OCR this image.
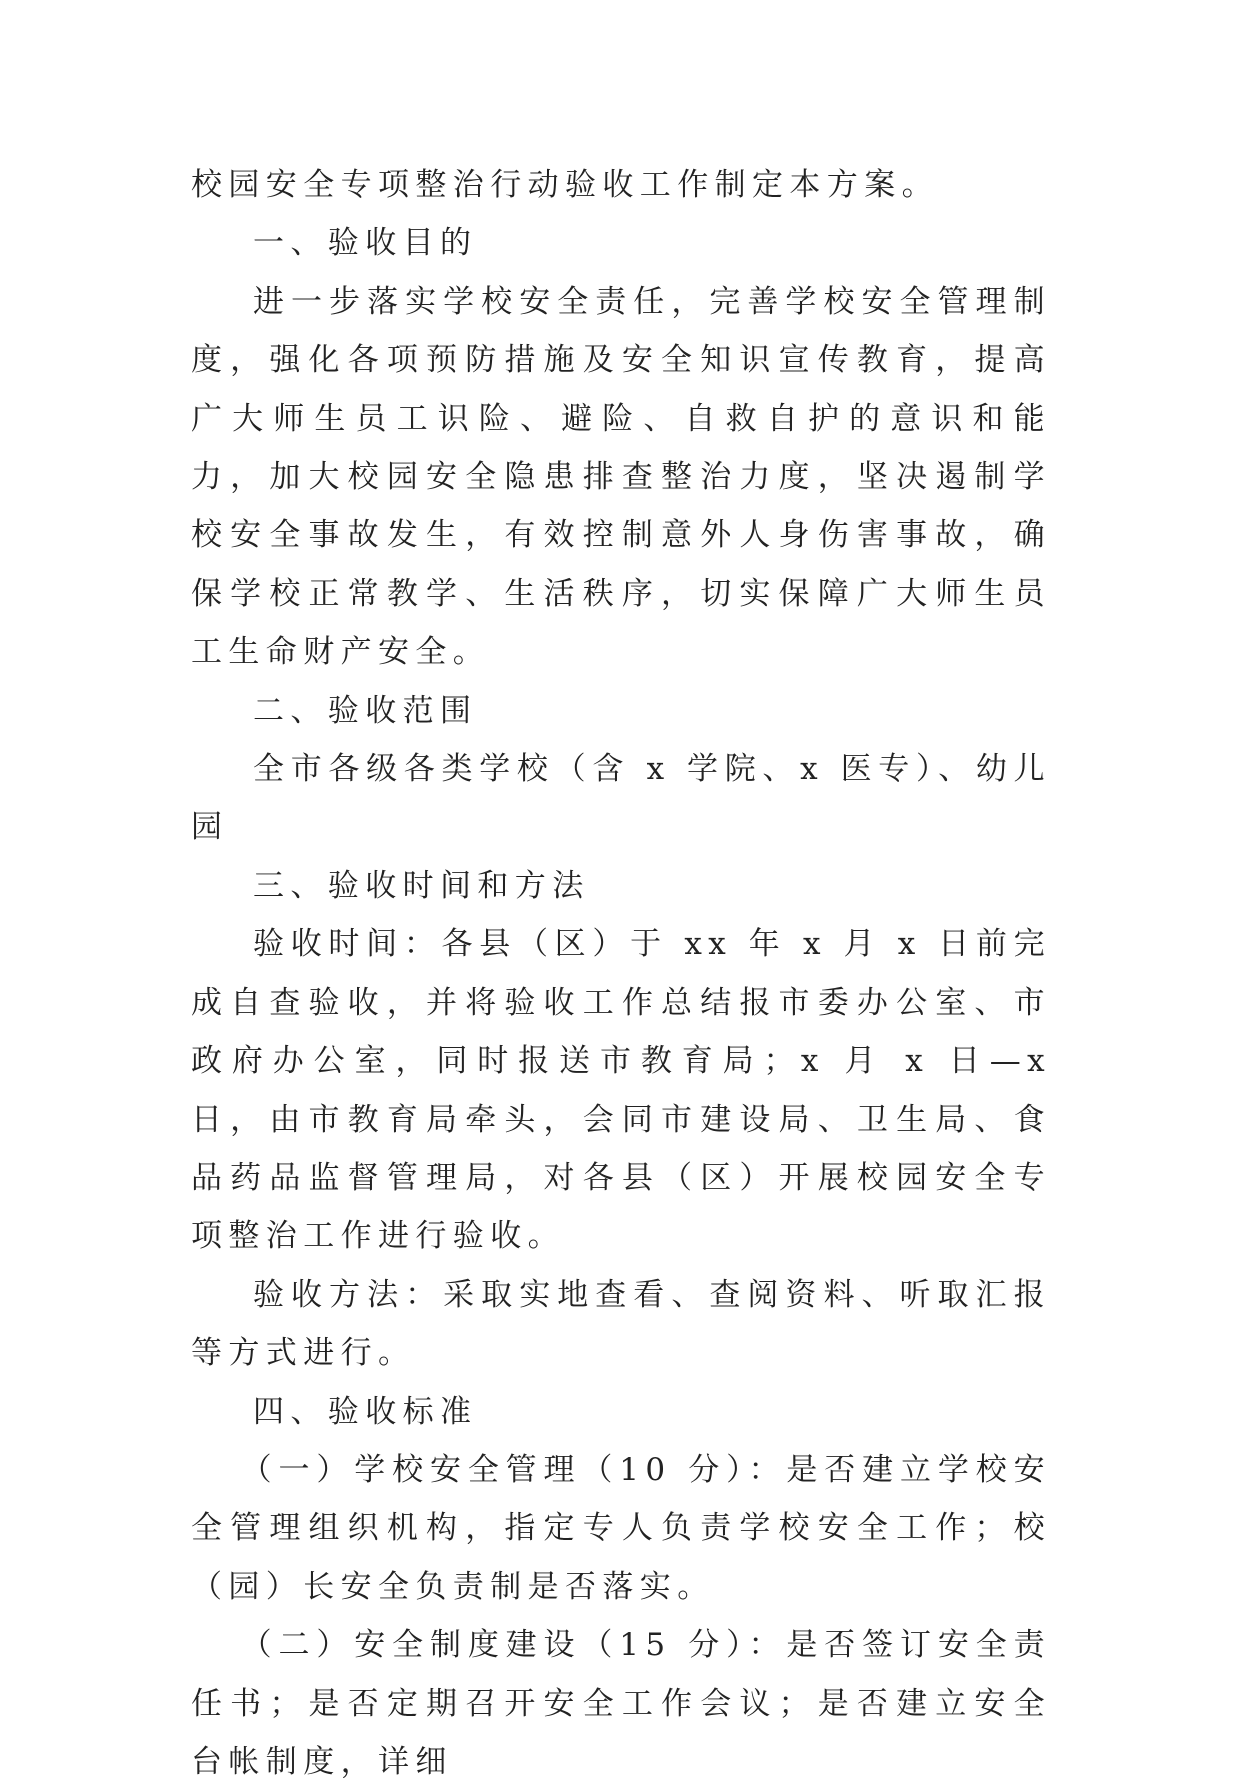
校园安全专项整治行动验收工作制定本方案。

一、验收目的

进一步落实学校安全责任，完善学校安全管理制度，强化各项预防措施及安全知识宣传教育，提高广大师生员工识险、避险、自救自护的意识和能力，加大校园安全隐患排查整治力度，坚决遏制学校安全事故发生，有效控制意外人身伤害事故，确保学校正常教学、生活秩序，切实保障广大师生员工生命财产安全。

二、验收范围

全市各级各类学校（含 x 学院、x 医专）、幼儿园

三、验收时间和方法

验收时间：各县（区）于 xx 年 x 月 x 日前完成自查验收，并将验收工作总结报市委办公室、市政府办公室，同时报送市教育局；x 月 x 日—x 日，由市教育局牵头，会同市建设局、卫生局、食品药品监督管理局，对各县（区）开展校园安全专项整治工作进行验收。

验收方法：采取实地查看、查阅资料、听取汇报等方式进行。

四、验收标准

（一）学校安全管理（10 分）：是否建立学校安全管理组织机构，指定专人负责学校安全工作；校（园）长安全负责制是否落实。

（二）安全制度建设（15 分）：是否签订安全责任书；是否定期召开安全工作会议；是否建立安全台帐制度，详细
